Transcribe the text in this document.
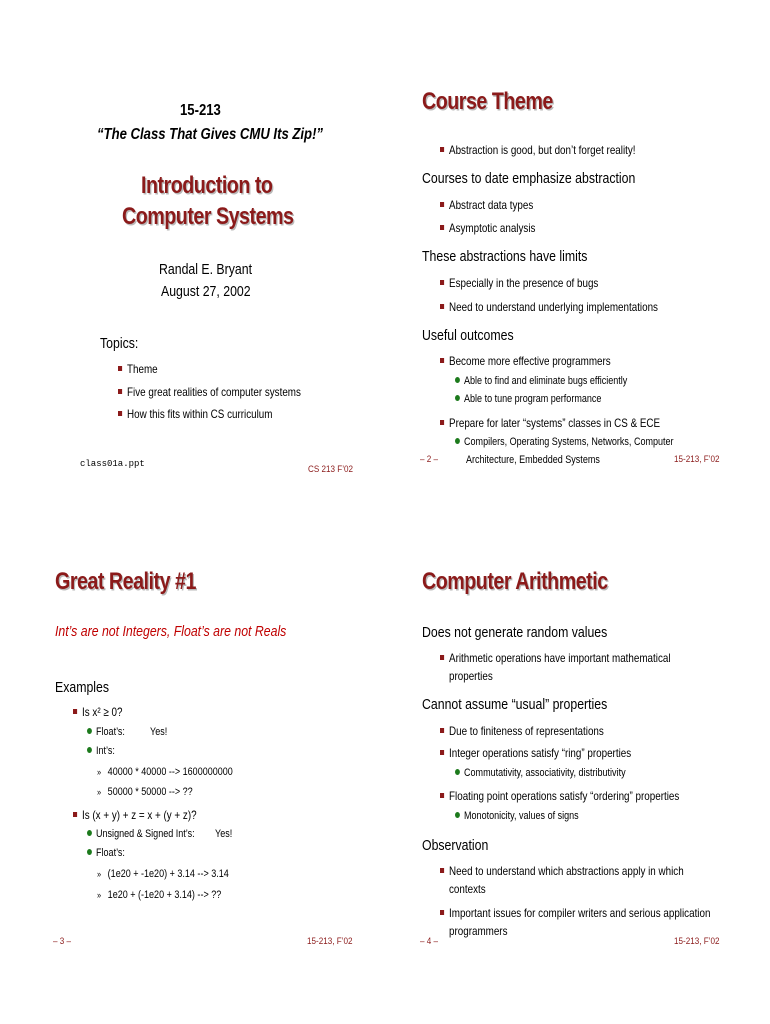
15-213
“The Class That Gives CMU Its Zip!”
Introduction to
Computer Systems
Randal E. Bryant
August 27, 2002
Topics:
Theme
Five great realities of computer systems
How this fits within CS curriculum
class01a.ppt	CS 213 F’02
Course Theme
Abstraction is good, but don’t forget reality!
Courses to date emphasize abstraction
Abstract data types
Asymptotic analysis
These abstractions have limits
Especially in the presence of bugs
Need to understand underlying implementations
Useful outcomes
Become more effective programmers
Able to find and eliminate bugs efficiently
Able to tune program performance
Prepare for later “systems” classes in CS & ECE
Compilers, Operating Systems, Networks, Computer
Architecture, Embedded Systems
– 2 –	15-213, F’02
Great Reality #1
Int’s are not Integers, Float’s are not Reals
Examples
Is x² ≥ 0?
Float’s: Yes!
Int’s:
» 40000 * 40000 --> 1600000000
» 50000 * 50000 --> ??
Is (x + y) + z = x + (y + z)?
Unsigned & Signed Int’s: Yes!
Float’s:
» (1e20 + -1e20) + 3.14 --> 3.14
» 1e20 + (-1e20 + 3.14) --> ??
– 3 –	15-213, F’02
Computer Arithmetic
Does not generate random values
Arithmetic operations have important mathematical
properties
Cannot assume “usual” properties
Due to finiteness of representations
Integer operations satisfy “ring” properties
Commutativity, associativity, distributivity
Floating point operations satisfy “ordering” properties
Monotonicity, values of signs
Observation
Need to understand which abstractions apply in which
contexts
Important issues for compiler writers and serious application
programmers
– 4 –	15-213, F’02
